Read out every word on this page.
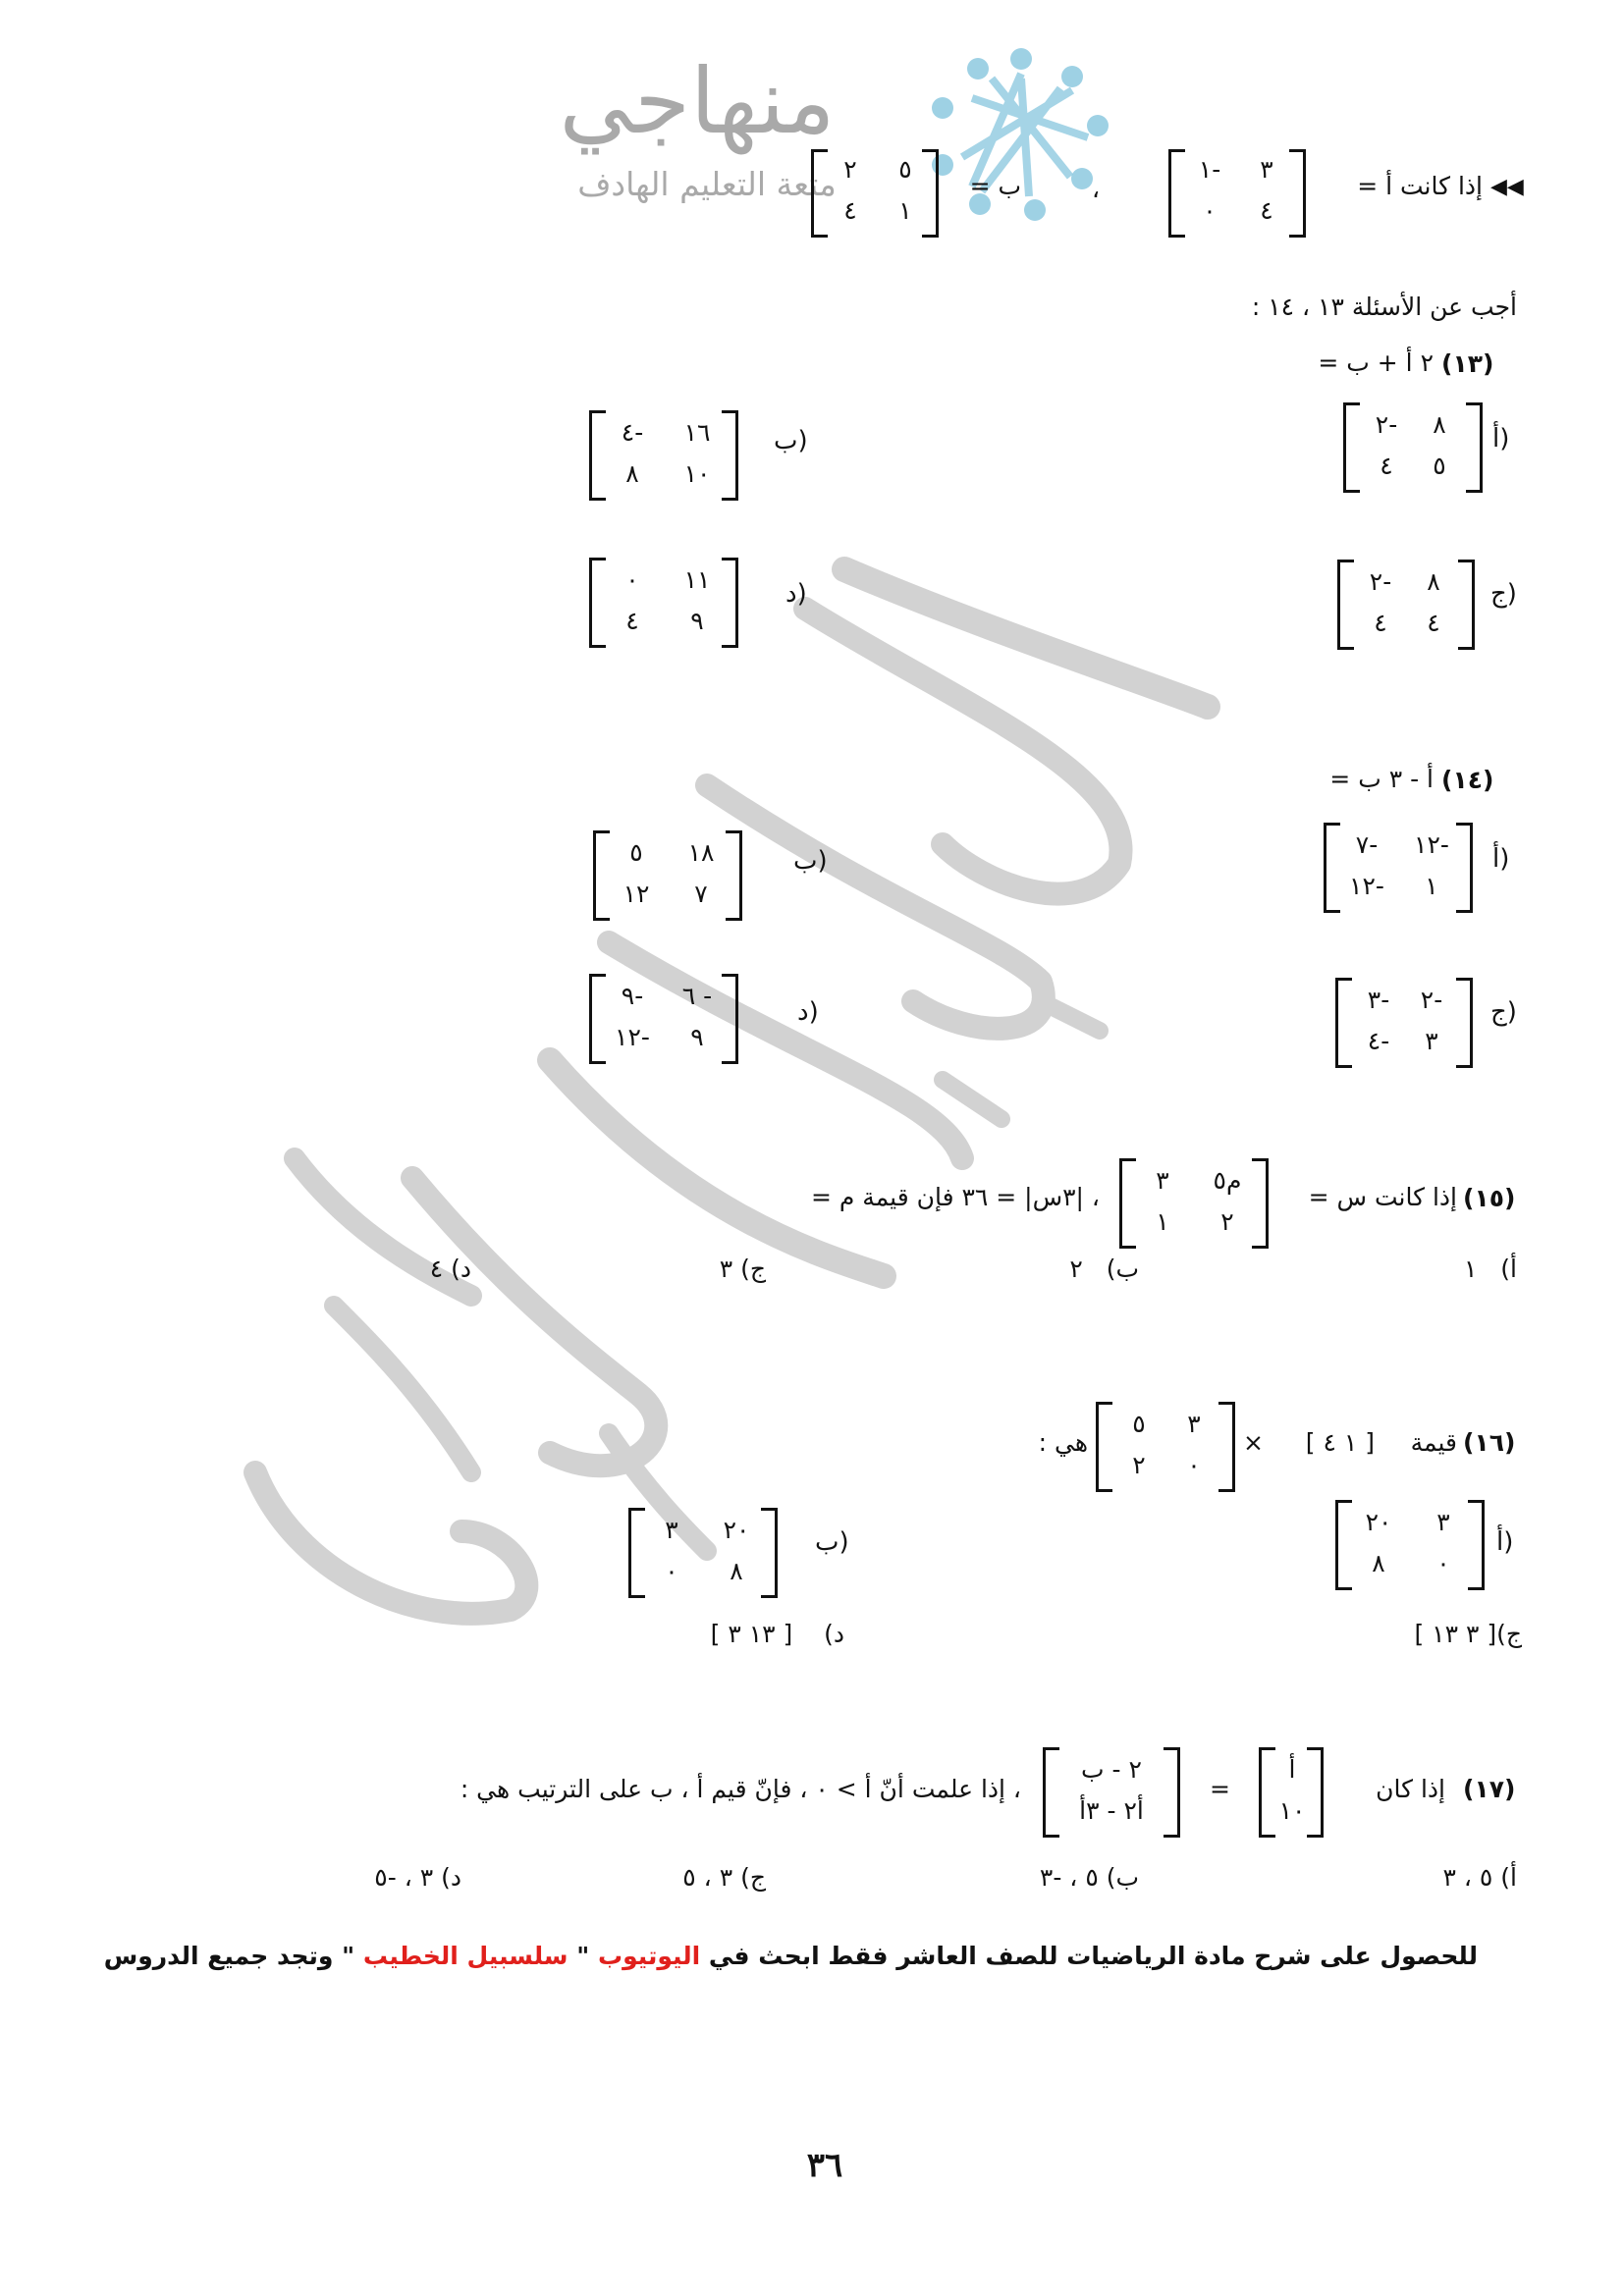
منهاجي
متعة التعليم الهادف	◀◀
إذا كانت أ =
٣
١-
٤
٠
،
ب =
٥
٢
١
٤
أجب عن الأسئلة ١٣ ، ١٤ :
(١٣)
٢ أ + ب =
أ)
٨
٢-
٥
٤
ب)
١٦
٤-
١٠
٨
ج)
٨
٢-
٤
٤
د)
١١
٠
٩
٤
(١٤)
أ - ٣ ب =
أ)
١٢-
٧-
١
١٢-
ب)
١٨
٥
٧
١٢
ج)
٢-
٣-
٣
٤-
د)
٦ -
٩-
٩
١٢-
(١٥)
إذا كانت س =
م٥
٣
٢
١
، |٣س| = ٣٦ فإن قيمة م =
أ)   ١
ب)   ٢
ج) ٣
د) ٤
(١٦)
قيمة
[ ١ ٤ ]
×
٣
٥
٠
٢
هي :
أ)
٣
٢٠
٠
٨
ب)
٢٠
٣
٨
٠
ج)[ ٣ ١٣ ]
د)    [ ١٣ ٣ ]
(١٧)
إذا كان
أ
١٠
=
٢ - ب
أ٢ - ٣أ
، إذا علمت أنّ أ > ٠ ، فإنّ قيم أ ، ب على الترتيب هي :
أ) ٥ ، ٣
ب) ٥ ، -٣
ج) ٣ ، ٥
د) ٣ ، -٥
للحصول على شرح مادة الرياضيات للصف العاشر فقط ابحث في اليوتيوب " سلسبيل الخطيب " وتجد جميع الدروس
٣٦
